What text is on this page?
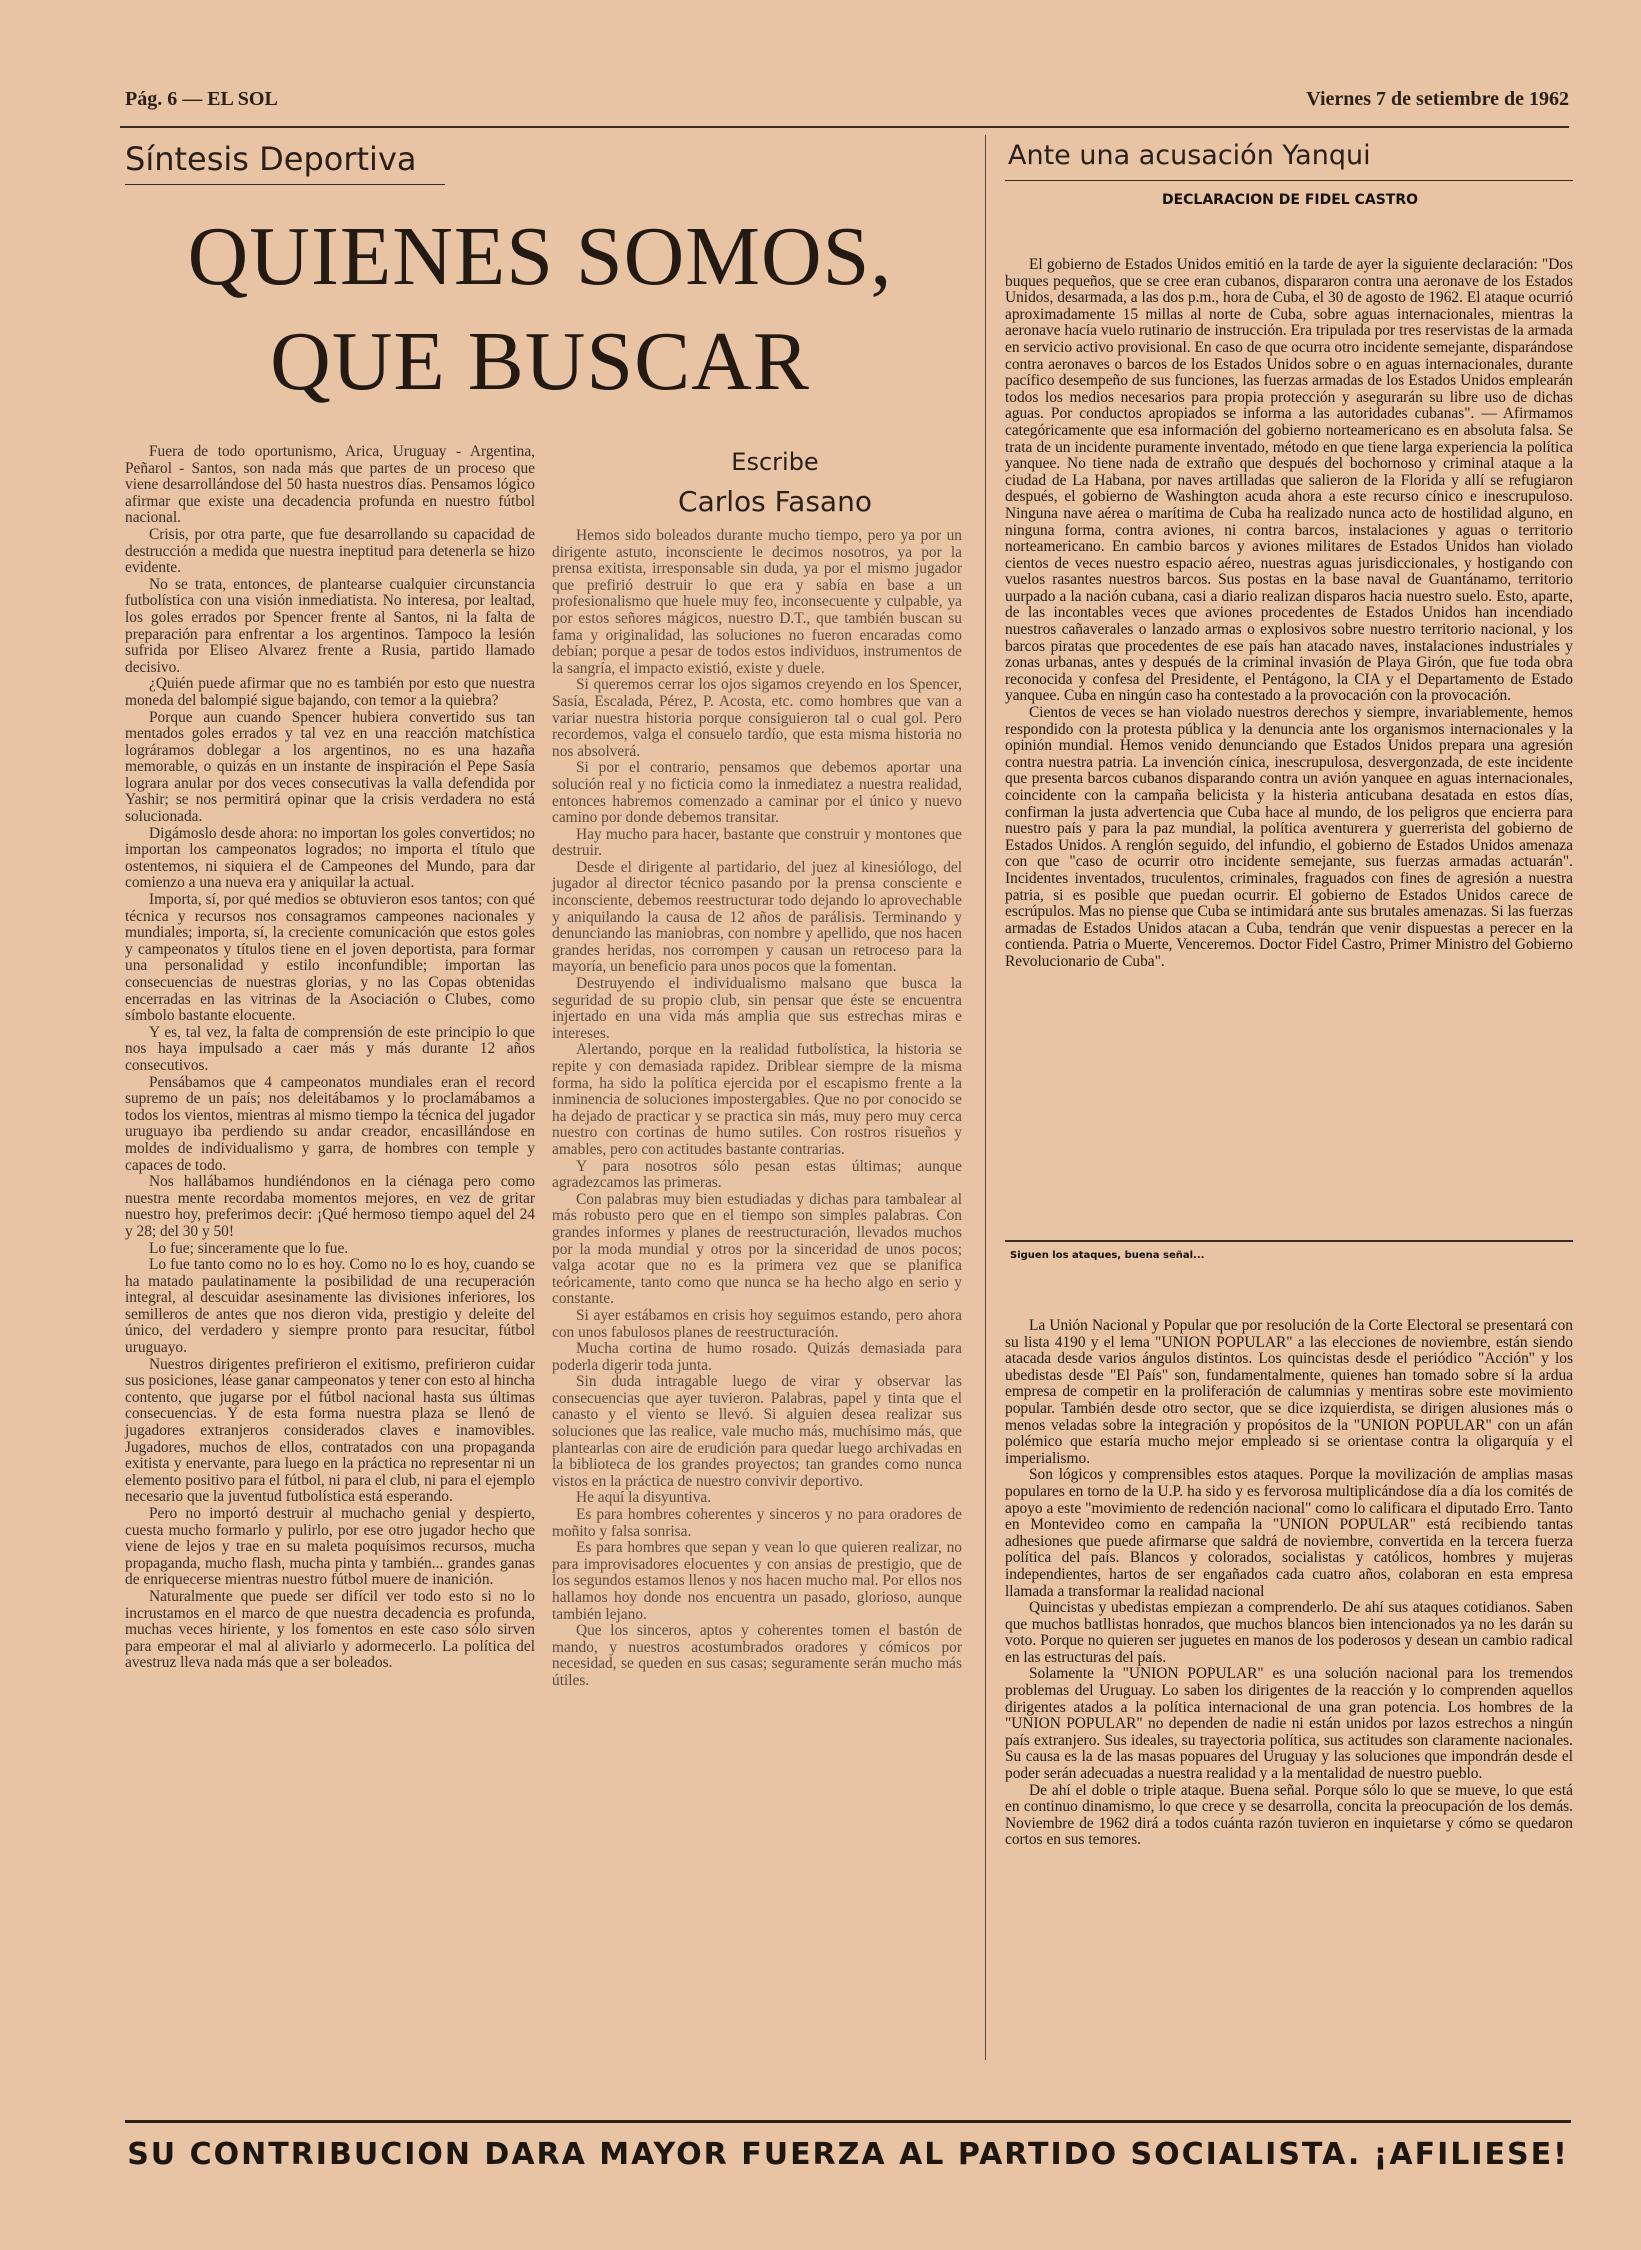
Pág. 6 — EL SOL	Viernes 7 de setiembre de 1962
Síntesis Deportiva
QUIENES SOMOS,
QUE BUSCAR
Escribe
Carlos Fasano

Fuera de todo oportunismo, Arica, Uruguay - Argentina, Peñarol - Santos, son nada más que partes de un proceso que viene desarrollándose del 50 hasta nuestros días. Pensamos lógico afirmar que existe una decadencia profunda en nuestro fútbol nacional.

Crisis, por otra parte, que fue desarrollando su capacidad de destrucción a medida que nuestra ineptitud para detenerla se hizo evidente.

No se trata, entonces, de plantearse cualquier circunstancia futbolística con una visión inmediatista. No interesa, por lealtad, los goles errados por Spencer frente al Santos, ni la falta de preparación para enfrentar a los argentinos. Tampoco la lesión sufrida por Eliseo Alvarez frente a Rusia, partido llamado decisivo.

¿Quién puede afirmar que no es también por esto que nuestra moneda del balompié sigue bajando, con temor a la quiebra?

Porque aun cuando Spencer hubiera convertido sus tan mentados goles errados y tal vez en una reacción matchística lográramos doblegar a los argentinos, no es una hazaña memorable, o quizás en un instante de inspiración el Pepe Sasía lograra anular por dos veces consecutivas la valla defendida por Yashir; se nos permitirá opinar que la crisis verdadera no está solucionada.

Digámoslo desde ahora: no importan los goles convertidos; no importan los campeonatos logrados; no importa el título que ostentemos, ni siquiera el de Campeones del Mundo, para dar comienzo a una nueva era y aniquilar la actual.

Importa, sí, por qué medios se obtuvieron esos tantos; con qué técnica y recursos nos consagramos campeones nacionales y mundiales; importa, sí, la creciente comunicación que estos goles y campeonatos y títulos tiene en el joven deportista, para formar una personalidad y estilo inconfundible; importan las consecuencias de nuestras glorias, y no las Copas obtenidas encerradas en las vitrinas de la Asociación o Clubes, como símbolo bastante elocuente.

Y es, tal vez, la falta de comprensión de este principio lo que nos haya impulsado a caer más y más durante 12 años consecutivos.

Pensábamos que 4 campeonatos mundiales eran el record supremo de un país; nos deleitábamos y lo proclamábamos a todos los vientos, mientras al mismo tiempo la técnica del jugador uruguayo iba perdiendo su andar creador, encasillándose en moldes de individualismo y garra, de hombres con temple y capaces de todo.

Nos hallábamos hundiéndonos en la ciénaga pero como nuestra mente recordaba momentos mejores, en vez de gritar nuestro hoy, preferimos decir: ¡Qué hermoso tiempo aquel del 24 y 28; del 30 y 50!

Lo fue; sinceramente que lo fue.

Lo fue tanto como no lo es hoy. Como no lo es hoy, cuando se ha matado paulatinamente la posibilidad de una recuperación integral, al descuidar asesinamente las divisiones inferiores, los semilleros de antes que nos dieron vida, prestigio y deleite del único, del verdadero y siempre pronto para resucitar, fútbol uruguayo.

Nuestros dirigentes prefirieron el exitismo, prefirieron cuidar sus posiciones, léase ganar campeonatos y tener con esto al hincha contento, que jugarse por el fútbol nacional hasta sus últimas consecuencias. Y de esta forma nuestra plaza se llenó de jugadores extranjeros considerados claves e inamovibles. Jugadores, muchos de ellos, contratados con una propaganda exitista y enervante, para luego en la práctica no representar ni un elemento positivo para el fútbol, ni para el club, ni para el ejemplo necesario que la juventud futbolística está esperando.

Pero no importó destruir al muchacho genial y despierto, cuesta mucho formarlo y pulirlo, por ese otro jugador hecho que viene de lejos y trae en su maleta poquísimos recursos, mucha propaganda, mucho flash, mucha pinta y también... grandes ganas de enriquecerse mientras nuestro fútbol muere de inanición.

Naturalmente que puede ser difícil ver todo esto si no lo incrustamos en el marco de que nuestra decadencia es profunda, muchas veces hiriente, y los fomentos en este caso sólo sirven para empeorar el mal al aliviarlo y adormecerlo. La política del avestruz lleva nada más que a ser boleados.

Hemos sido boleados durante mucho tiempo, pero ya por un dirigente astuto, inconsciente le decimos nosotros, ya por la prensa exitista, irresponsable sin duda, ya por el mismo jugador que prefirió destruir lo que era y sabía en base a un profesionalismo que huele muy feo, inconsecuente y culpable, ya por estos señores mágicos, nuestro D.T., que también buscan su fama y originalidad, las soluciones no fueron encaradas como debían; porque a pesar de todos estos individuos, instrumentos de la sangría, el impacto existió, existe y duele.

Si queremos cerrar los ojos sigamos creyendo en los Spencer, Sasía, Escalada, Pérez, P. Acosta, etc. como hombres que van a variar nuestra historia porque consiguieron tal o cual gol. Pero recordemos, valga el consuelo tardío, que esta misma historia no nos absolverá.

Si por el contrario, pensamos que debemos aportar una solución real y no ficticia como la inmediatez a nuestra realidad, entonces habremos comenzado a caminar por el único y nuevo camino por donde debemos transitar.

Hay mucho para hacer, bastante que construir y montones que destruir.

Desde el dirigente al partidario, del juez al kinesiólogo, del jugador al director técnico pasando por la prensa consciente e inconsciente, debemos reestructurar todo dejando lo aprovechable y aniquilando la causa de 12 años de parálisis. Terminando y denunciando las maniobras, con nombre y apellido, que nos hacen grandes heridas, nos corrompen y causan un retroceso para la mayoría, un beneficio para unos pocos que la fomentan.

Destruyendo el individualismo malsano que busca la seguridad de su propio club, sin pensar que éste se encuentra injertado en una vida más amplia que sus estrechas miras e intereses.

Alertando, porque en la realidad futbolística, la historia se repite y con demasiada rapidez. Driblear siempre de la misma forma, ha sido la política ejercida por el escapismo frente a la inminencia de soluciones impostergables. Que no por conocido se ha dejado de practicar y se practica sin más, muy pero muy cerca nuestro con cortinas de humo sutiles. Con rostros risueños y amables, pero con actitudes bastante contrarias.

Y para nosotros sólo pesan estas últimas; aunque agradezcamos las primeras.

Con palabras muy bien estudiadas y dichas para tambalear al más robusto pero que en el tiempo son simples palabras. Con grandes informes y planes de reestructuración, llevados muchos por la moda mundial y otros por la sinceridad de unos pocos; valga acotar que no es la primera vez que se planifica teóricamente, tanto como que nunca se ha hecho algo en serio y constante.

Si ayer estábamos en crisis hoy seguimos estando, pero ahora con unos fabulosos planes de reestructuración.

Mucha cortina de humo rosado. Quizás demasiada para poderla digerir toda junta.

Sin duda intragable luego de virar y observar las consecuencias que ayer tuvieron. Palabras, papel y tinta que el canasto y el viento se llevó. Si alguien desea realizar sus soluciones que las realice, vale mucho más, muchísimo más, que plantearlas con aire de erudición para quedar luego archivadas en la biblioteca de los grandes proyectos; tan grandes como nunca vistos en la práctica de nuestro convivir deportivo.

He aquí la disyuntiva.

Es para hombres coherentes y sinceros y no para oradores de moñito y falsa sonrisa.

Es para hombres que sepan y vean lo que quieren realizar, no para improvisadores elocuentes y con ansias de prestigio, que de los segundos estamos llenos y nos hacen mucho mal. Por ellos nos hallamos hoy donde nos encuentra un pasado, glorioso, aunque también lejano.

Que los sinceros, aptos y coherentes tomen el bastón de mando, y nuestros acostumbrados oradores y cómicos por necesidad, se queden en sus casas; seguramente serán mucho más útiles.

Ante una acusación Yanqui
DECLARACION DE FIDEL CASTRO

El gobierno de Estados Unidos emitió en la tarde de ayer la siguiente declaración: "Dos buques pequeños, que se cree eran cubanos, dispararon contra una aeronave de los Estados Unidos, desarmada, a las dos p.m., hora de Cuba, el 30 de agosto de 1962. El ataque ocurrió aproximadamente 15 millas al norte de Cuba, sobre aguas internacionales, mientras la aeronave hacía vuelo rutinario de instrucción. Era tripulada por tres reservistas de la armada en servicio activo provisional. En caso de que ocurra otro incidente semejante, disparándose contra aeronaves o barcos de los Estados Unidos sobre o en aguas internacionales, durante pacífico desempeño de sus funciones, las fuerzas armadas de los Estados Unidos emplearán todos los medios necesarios para propia protección y asegurarán su libre uso de dichas aguas. Por conductos apropiados se informa a las autoridades cubanas". — Afirmamos categóricamente que esa información del gobierno norteamericano es en absoluta falsa. Se trata de un incidente puramente inventado, método en que tiene larga experiencia la política yanquee. No tiene nada de extraño que después del bochornoso y criminal ataque a la ciudad de La Habana, por naves artilladas que salieron de la Florida y allí se refugiaron después, el gobierno de Washington acuda ahora a este recurso cínico e inescrupuloso. Ninguna nave aérea o marítima de Cuba ha realizado nunca acto de hostilidad alguno, en ninguna forma, contra aviones, ni contra barcos, instalaciones y aguas o territorio norteamericano. En cambio barcos y aviones militares de Estados Unidos han violado cientos de veces nuestro espacio aéreo, nuestras aguas jurisdiccionales, y hostigando con vuelos rasantes nuestros barcos. Sus postas en la base naval de Guantánamo, territorio uurpado a la nación cubana, casi a diario realizan disparos hacia nuestro suelo. Esto, aparte, de las incontables veces que aviones procedentes de Estados Unidos han incendiado nuestros cañaverales o lanzado armas o explosivos sobre nuestro territorio nacional, y los barcos piratas que procedentes de ese país han atacado naves, instalaciones industriales y zonas urbanas, antes y después de la criminal invasión de Playa Girón, que fue toda obra reconocida y confesa del Presidente, el Pentágono, la CIA y el Departamento de Estado yanquee. Cuba en ningún caso ha contestado a la provocación con la provocación.

Cientos de veces se han violado nuestros derechos y siempre, invariablemente, hemos respondido con la protesta pública y la denuncia ante los organismos internacionales y la opinión mundial. Hemos venido denunciando que Estados Unidos prepara una agresión contra nuestra patria. La invención cínica, inescrupulosa, desvergonzada, de este incidente que presenta barcos cubanos disparando contra un avión yanquee en aguas internacionales, coincidente con la campaña belicista y la histeria anticubana desatada en estos días, confirman la justa advertencia que Cuba hace al mundo, de los peligros que encierra para nuestro país y para la paz mundial, la política aventurera y guerrerista del gobierno de Estados Unidos. A renglón seguido, del infundio, el gobierno de Estados Unidos amenaza con que "caso de ocurrir otro incidente semejante, sus fuerzas armadas actuarán". Incidentes inventados, truculentos, criminales, fraguados con fines de agresión a nuestra patria, si es posible que puedan ocurrir. El gobierno de Estados Unidos carece de escrúpulos. Mas no piense que Cuba se intimidará ante sus brutales amenazas. Si las fuerzas armadas de Estados Unidos atacan a Cuba, tendrán que venir dispuestas a perecer en la contienda. Patria o Muerte, Venceremos. Doctor Fidel Castro, Primer Ministro del Gobierno Revolucionario de Cuba".

Siguen los ataques, buena señal...

La Unión Nacional y Popular que por resolución de la Corte Electoral se presentará con su lista 4190 y el lema "UNION POPULAR" a las elecciones de noviembre, están siendo atacada desde varios ángulos distintos. Los quincistas desde el periódico "Acción" y los ubedistas desde "El País" son, fundamentalmente, quienes han tomado sobre sí la ardua empresa de competir en la proliferación de calumnias y mentiras sobre este movimiento popular. También desde otro sector, que se dice izquierdista, se dirigen alusiones más o menos veladas sobre la integración y propósitos de la "UNION POPULAR" con un afán polémico que estaría mucho mejor empleado si se orientase contra la oligarquía y el imperialismo.

Son lógicos y comprensibles estos ataques. Porque la movilización de amplias masas populares en torno de la U.P. ha sido y es fervorosa multiplicándose día a día los comités de apoyo a este "movimiento de redención nacional" como lo calificara el diputado Erro. Tanto en Montevideo como en campaña la "UNION POPULAR" está recibiendo tantas adhesiones que puede afirmarse que saldrá de noviembre, convertida en la tercera fuerza política del país. Blancos y colorados, socialistas y católicos, hombres y mujeras independientes, hartos de ser engañados cada cuatro años, colaboran en esta empresa llamada a transformar la realidad nacional

Quincistas y ubedistas empiezan a comprenderlo. De ahí sus ataques cotidianos. Saben que muchos batllistas honrados, que muchos blancos bien intencionados ya no les darán su voto. Porque no quieren ser juguetes en manos de los poderosos y desean un cambio radical en las estructuras del país.

Solamente la "UNION POPULAR" es una solución nacional para los tremendos problemas del Uruguay. Lo saben los dirigentes de la reacción y lo comprenden aquellos dirigentes atados a la política internacional de una gran potencia. Los hombres de la "UNION POPULAR" no dependen de nadie ni están unidos por lazos estrechos a ningún país extranjero. Sus ideales, su trayectoria política, sus actitudes son claramente nacionales. Su causa es la de las masas popuares del Uruguay y las soluciones que impondrán desde el poder serán adecuadas a nuestra realidad y a la mentalidad de nuestro pueblo.

De ahí el doble o triple ataque. Buena señal. Porque sólo lo que se mueve, lo que está en continuo dinamismo, lo que crece y se desarrolla, concita la preocupación de los demás. Noviembre de 1962 dirá a todos cuánta razón tuvieron en inquietarse y cómo se quedaron cortos en sus temores.

SU CONTRIBUCION DARA MAYOR FUERZA AL PARTIDO SOCIALISTA. ¡AFILIESE!
